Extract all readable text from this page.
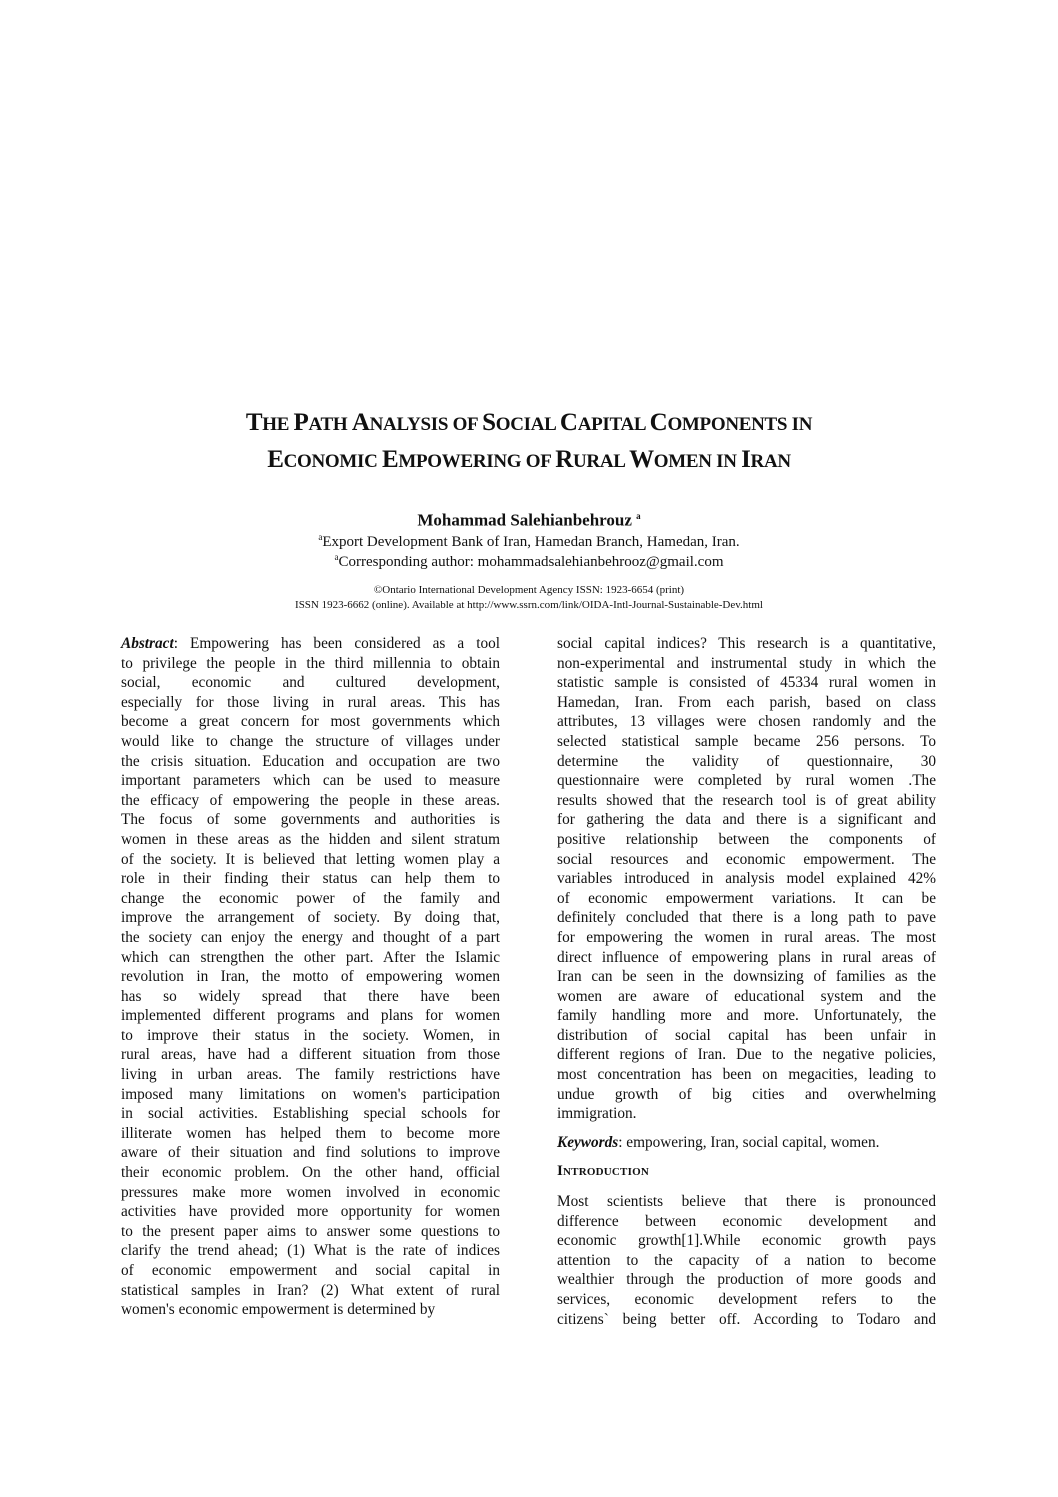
THE PATH ANALYSIS OF SOCIAL CAPITAL COMPONENTS IN
ECONOMIC EMPOWERING OF RURAL WOMEN IN IRAN
Mohammad Salehianbehrouz $^a$
$^a$Export Development Bank of Iran, Hamedan Branch, Hamedan, Iran.
$^a$Corresponding author: mohammadsalehianbehrooz@gmail.com
©Ontario International Development Agency ISSN: 1923-6654 (print)
ISSN 1923-6662 (online). Available at http://www.ssrn.com/link/OIDA-Intl-Journal-Sustainable-Dev.html
Abstract: Empowering has been considered as a tool
to privilege the people in the third millennia to obtain
social, economic and cultured development,
especially for those living in rural areas. This has
become a great concern for most governments which
would like to change the structure of villages under
the crisis situation. Education and occupation are two
important parameters which can be used to measure
the efficacy of empowering the people in these areas.
The focus of some governments and authorities is
women in these areas as the hidden and silent stratum
of the society. It is believed that letting women play a
role in their finding their status can help them to
change the economic power of the family and
improve the arrangement of society. By doing that,
the society can enjoy the energy and thought of a part
which can strengthen the other part. After the Islamic
revolution in Iran, the motto of empowering women
has so widely spread that there have been
implemented different programs and plans for women
to improve their status in the society. Women, in
rural areas, have had a different situation from those
living in urban areas. The family restrictions have
imposed many limitations on women's participation
in social activities. Establishing special schools for
illiterate women has helped them to become more
aware of their situation and find solutions to improve
their economic problem. On the other hand, official
pressures make more women involved in economic
activities have provided more opportunity for women
to the present paper aims to answer some questions to
clarify the trend ahead; (1) What is the rate of indices
of economic empowerment and social capital in
statistical samples in Iran? (2) What extent of rural
women's economic empowerment is determined by
social capital indices? This research is a quantitative,
non-experimental and instrumental study in which the
statistic sample is consisted of 45334 rural women in
Hamedan, Iran. From each parish, based on class
attributes, 13 villages were chosen randomly and the
selected statistical sample became 256 persons. To
determine the validity of questionnaire, 30
questionnaire were completed by rural women .The
results showed that the research tool is of great ability
for gathering the data and there is a significant and
positive relationship between the components of
social resources and economic empowerment. The
variables introduced in analysis model explained 42%
of economic empowerment variations. It can be
definitely concluded that there is a long path to pave
for empowering the women in rural areas. The most
direct influence of empowering plans in rural areas of
Iran can be seen in the downsizing of families as the
women are aware of educational system and the
family handling more and more. Unfortunately, the
distribution of social capital has been unfair in
different regions of Iran. Due to the negative policies,
most concentration has been on megacities, leading to
undue growth of big cities and overwhelming
immigration.

Keywords: empowering, Iran, social capital, women.

Introduction

Most scientists believe that there is pronounced
difference between economic development and
economic growth[1].While economic growth pays
attention to the capacity of a nation to become
wealthier through the production of more goods and
services, economic development refers to the
citizens` being better off. According to Todaro and
